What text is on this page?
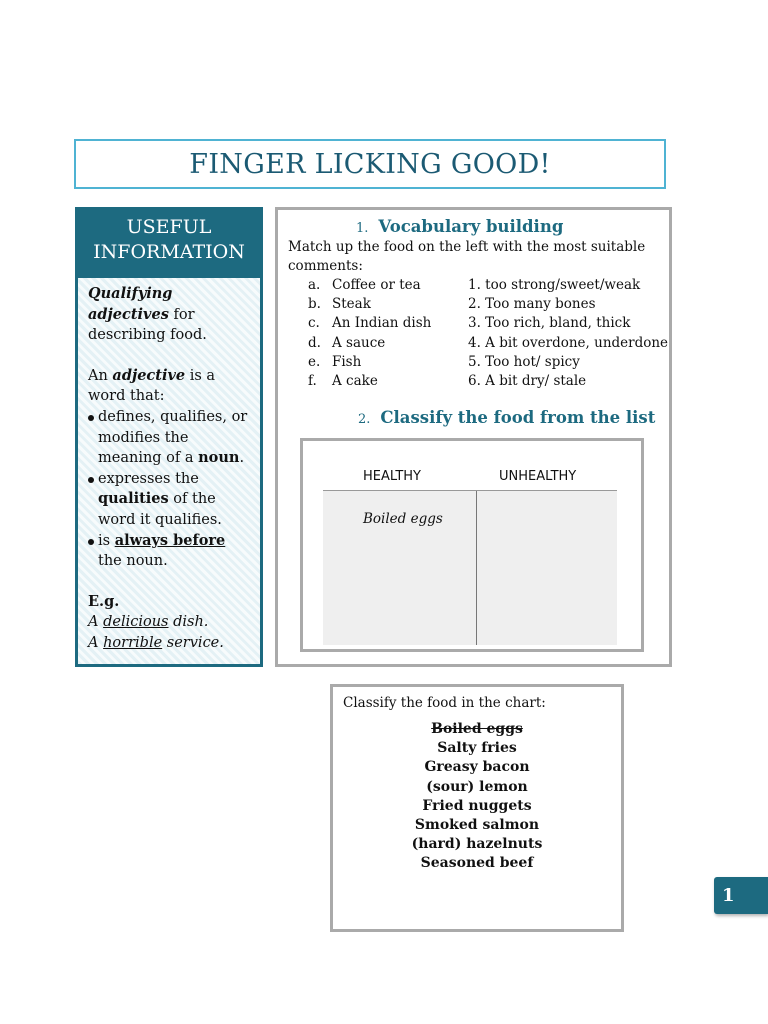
FINGER LICKING GOOD!
USEFUL
INFORMATION

Qualifying adjectives for describing food.

An adjective is a word that:

defines, qualifies, or modifies the meaning of a noun.
expresses the qualities of the word it qualifies.
is always before the noun.

E.g.

A delicious dish.

A horrible service.

1. Vocabulary building
Match up the food on the left with the most suitable comments:
a. Coffee or tea
b. Steak
c. An Indian dish
d. A sauce
e. Fish
f. A cake
1. too strong/sweet/weak
2. Too many bones
3. Too rich, bland, thick
4. A bit overdone, underdone
5. Too hot/ spicy
6. A bit dry/ stale
2. Classify the food from the list
HEALTHY	UNHEALTHY
Boiled eggs
Classify the food in the chart:
Boiled eggs
Salty fries
Greasy bacon
(sour) lemon
Fried nuggets
Smoked salmon
(hard) hazelnuts
Seasoned beef
1
